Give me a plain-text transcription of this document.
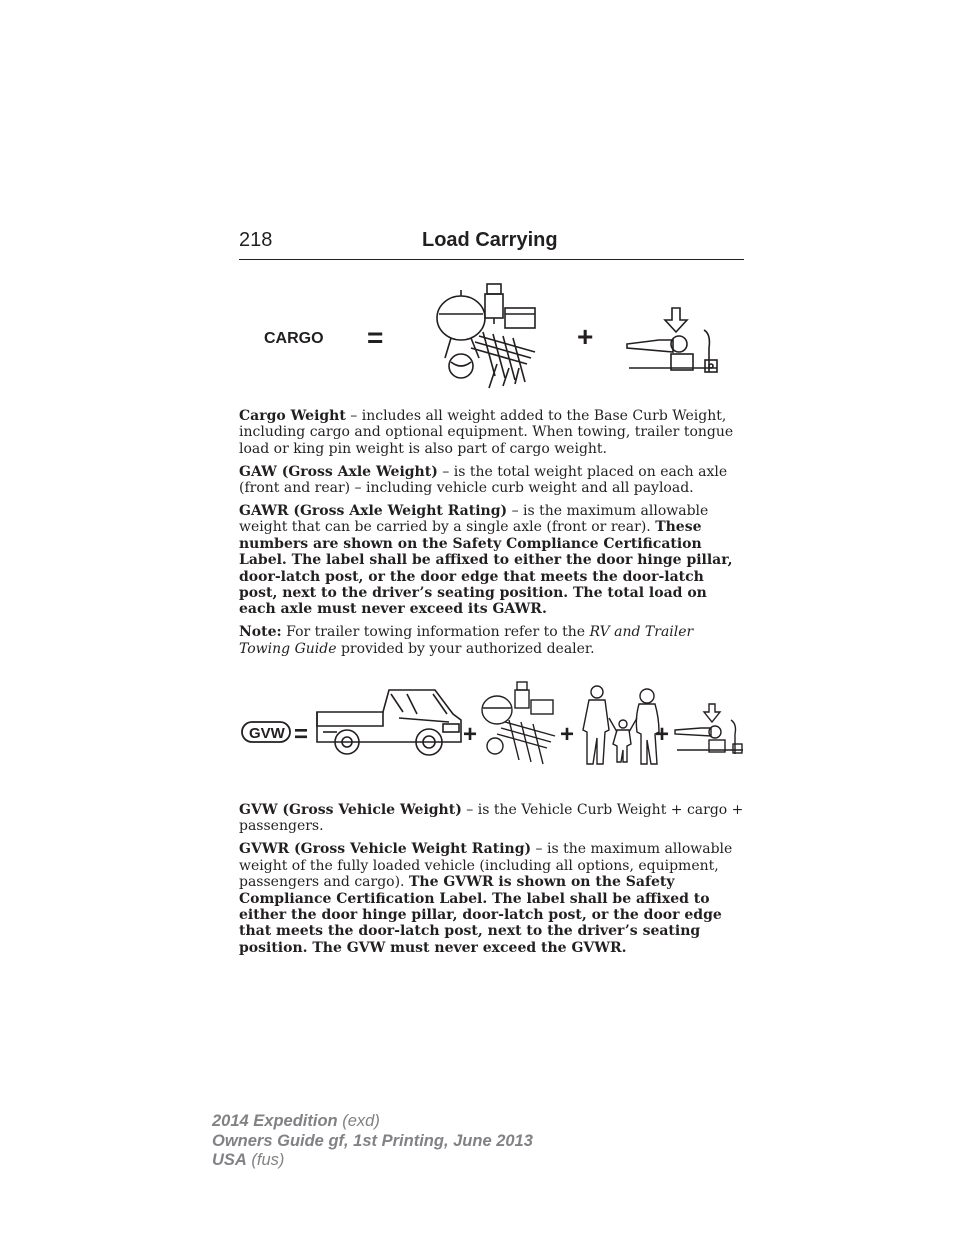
218	Load Carrying
CARGO =	+

Cargo Weight – includes all weight added to the Base Curb Weight, including cargo and optional equipment. When towing, trailer tongue load or king pin weight is also part of cargo weight.

GAW (Gross Axle Weight) – is the total weight placed on each axle (front and rear) – including vehicle curb weight and all payload.

GAWR (Gross Axle Weight Rating) – is the maximum allowable weight that can be carried by a single axle (front or rear). These numbers are shown on the Safety Compliance Certification Label. The label shall be affixed to either the door hinge pillar, door-latch post, or the door edge that meets the door-latch post, next to the driver’s seating position. The total load on each axle must never exceed its GAWR.

Note: For trailer towing information refer to the RV and Trailer Towing Guide provided by your authorized dealer.

GVW =	+	+	+

GVW (Gross Vehicle Weight) – is the Vehicle Curb Weight + cargo + passengers.

GVWR (Gross Vehicle Weight Rating) – is the maximum allowable weight of the fully loaded vehicle (including all options, equipment, passengers and cargo). The GVWR is shown on the Safety Compliance Certification Label. The label shall be affixed to either the door hinge pillar, door-latch post, or the door edge that meets the door-latch post, next to the driver’s seating position. The GVW must never exceed the GVWR.

2014 Expedition (exd)
Owners Guide gf, 1st Printing, June 2013
USA (fus)
